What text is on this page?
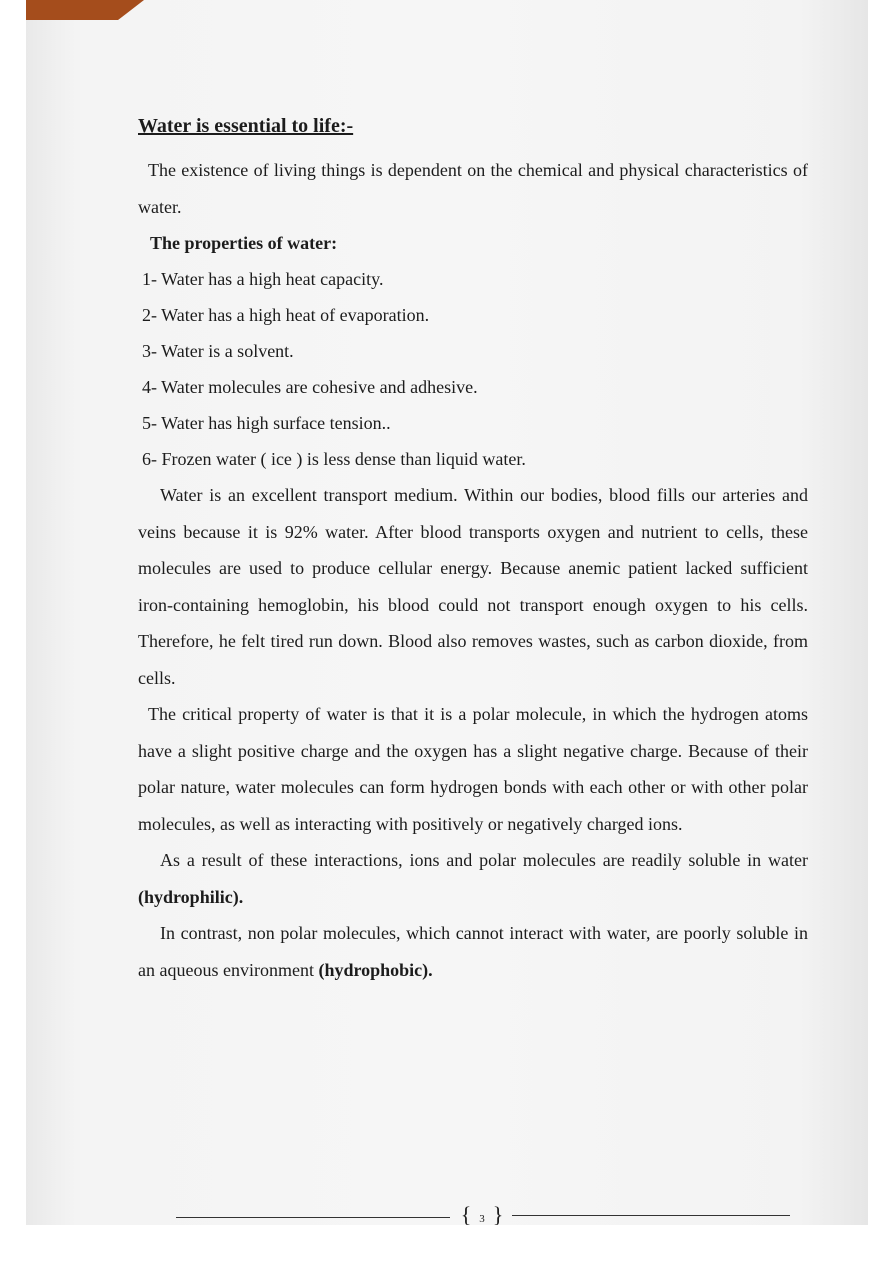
Water is essential to life:-

The existence of living things is dependent on the chemical and physical characteristics of water.

The properties of water:
1- Water has a high heat capacity.
2- Water has a high heat of evaporation.
3- Water is a solvent.
4- Water molecules are cohesive and adhesive.
5- Water has high surface tension..
6- Frozen water ( ice ) is less dense than liquid water.

Water is an excellent transport medium. Within our bodies, blood fills our arteries and veins because it is 92% water. After blood transports oxygen and nutrient to cells, these molecules are used to produce cellular energy. Because anemic patient lacked sufficient iron-containing hemoglobin, his blood could not transport enough oxygen to his cells. Therefore, he felt tired run down. Blood also removes wastes, such as carbon dioxide, from cells.

The critical property of water is that it is a polar molecule, in which the hydrogen atoms have a slight positive charge and the oxygen has a slight negative charge. Because of their polar nature, water molecules can form hydrogen bonds with each other or with other polar molecules, as well as interacting with positively or negatively charged ions.

As a result of these interactions, ions and polar molecules are readily soluble in water (hydrophilic).

In contrast, non polar molecules, which cannot interact with water, are poorly soluble in an aqueous environment (hydrophobic).

{ 3 }
